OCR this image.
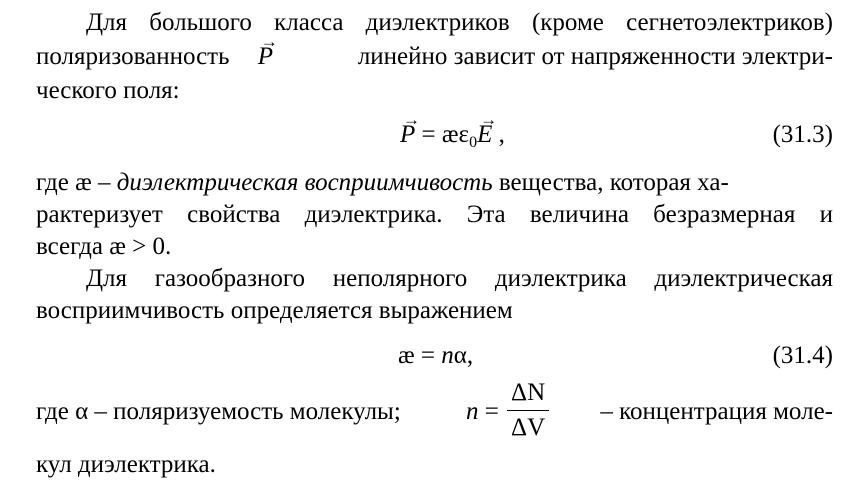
Для большого класса диэлектриков (кроме сегнетоэлектриков)
поляризованность → P	линейно зависит от напряженности электри-
ческого поля:
→ $P = æ\varepsilon_0\to E$ ,	(31.3)
где æ – диэлектрическая восприимчивость вещества, которая ха-
рактеризует свойства диэлектрика. Эта величина безразмерная и
всегда æ > 0.
Для газообразного неполярного диэлектрика диэлектрическая
восприимчивость определяется выражением
æ = nα,	(31.4)
где α – поляризуемость молекулы;	n =	– концентрация моле-
ΔN
ΔV
кул диэлектрика.
